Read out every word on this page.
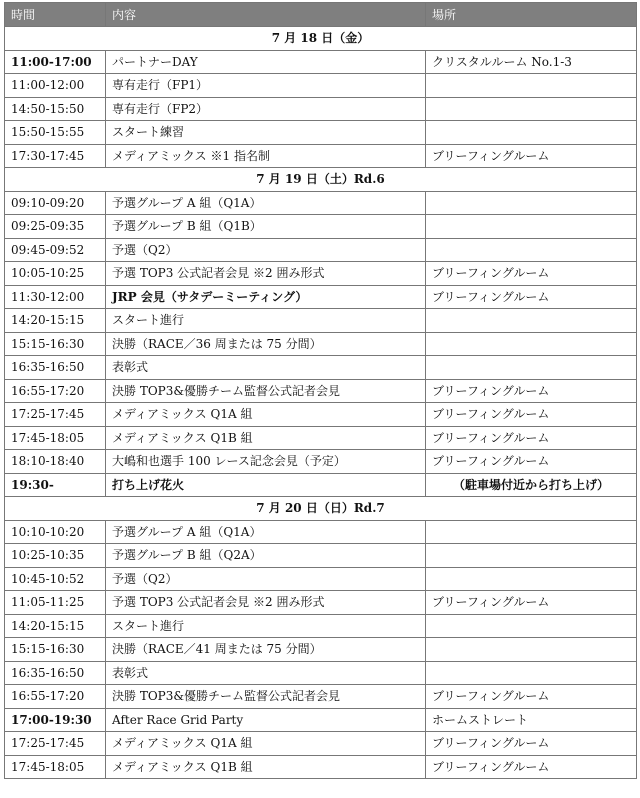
時間	内容	場所
7 月 18 日（金）		
11:00-17:00	パートナーDAY	クリスタルルーム No.1-3
11:00-12:00	専有走行（FP1）	
14:50-15:50	専有走行（FP2）	
15:50-15:55	スタート練習	
17:30-17:45	メディアミックス ※1 指名制	ブリーフィングルーム
7 月 19 日（土）Rd.6		
09:10-09:20	予選グループ A 組（Q1A）	
09:25-09:35	予選グループ B 組（Q1B）	
09:45-09:52	予選（Q2）	
10:05-10:25	予選 TOP3 公式記者会見 ※2 囲み形式	ブリーフィングルーム
11:30-12:00	JRP 会見（サタデーミーティング）	ブリーフィングルーム
14:20-15:15	スタート進行	
15:15-16:30	決勝（RACE／36 周または 75 分間）	
16:35-16:50	表彰式	
16:55-17:20	決勝 TOP3&優勝チーム監督公式記者会見	ブリーフィングルーム
17:25-17:45	メディアミックス Q1A 組	ブリーフィングルーム
17:45-18:05	メディアミックス Q1B 組	ブリーフィングルーム
18:10-18:40	大嶋和也選手 100 レース記念会見（予定）	ブリーフィングルーム
19:30-	打ち上げ花火	（駐車場付近から打ち上げ）
7 月 20 日（日）Rd.7		
10:10-10:20	予選グループ A 組（Q1A）	
10:25-10:35	予選グループ B 組（Q2A）	
10:45-10:52	予選（Q2）	
11:05-11:25	予選 TOP3 公式記者会見 ※2 囲み形式	ブリーフィングルーム
14:20-15:15	スタート進行	
15:15-16:30	決勝（RACE／41 周または 75 分間）	
16:35-16:50	表彰式	
16:55-17:20	決勝 TOP3&優勝チーム監督公式記者会見	ブリーフィングルーム
17:00-19:30	After Race Grid Party	ホームストレート
17:25-17:45	メディアミックス Q1A 組	ブリーフィングルーム
17:45-18:05	メディアミックス Q1B 組	ブリーフィングルーム
